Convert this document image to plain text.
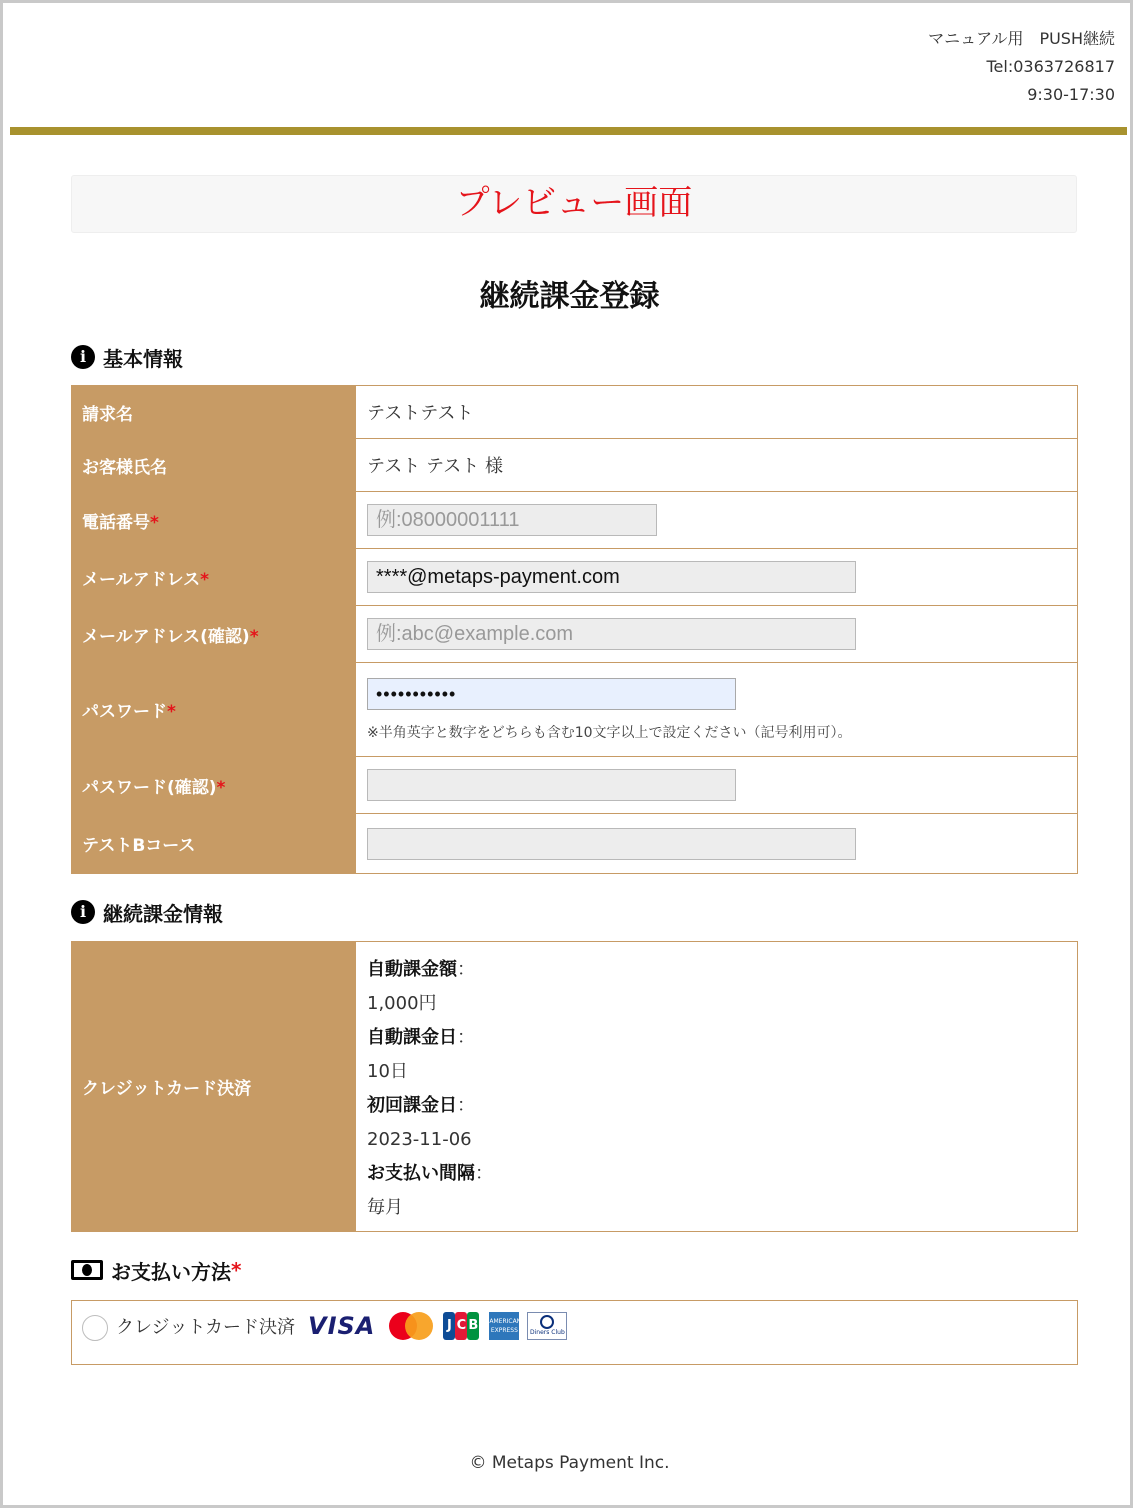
マニュアル用　PUSH継続
Tel:0363726817
9:30-17:30
プレビュー画面
継続課金登録
i 基本情報
請求名	テストテスト
お客様氏名	テスト テスト 様
電話番号*	例:08000001111

メールアドレス*	****@metaps-payment.com

メールアドレス(確認)*	例:abc@example.com

パスワード*	•••••••••••
※半角英字と数字をどちらも含む10文字以上で設定ください（記号利用可）。

パスワード(確認)*	

テストBコース	
i 継続課金情報
クレジットカード決済	
自動課金額：
1,000円
自動課金日：
10日
初回課金日：
2023-11-06
お支払い間隔：
毎月
お支払い方法 *
クレジットカード決済 VISA	J C B AMERICAN EXPRESS Diners Club
© Metaps Payment Inc.
